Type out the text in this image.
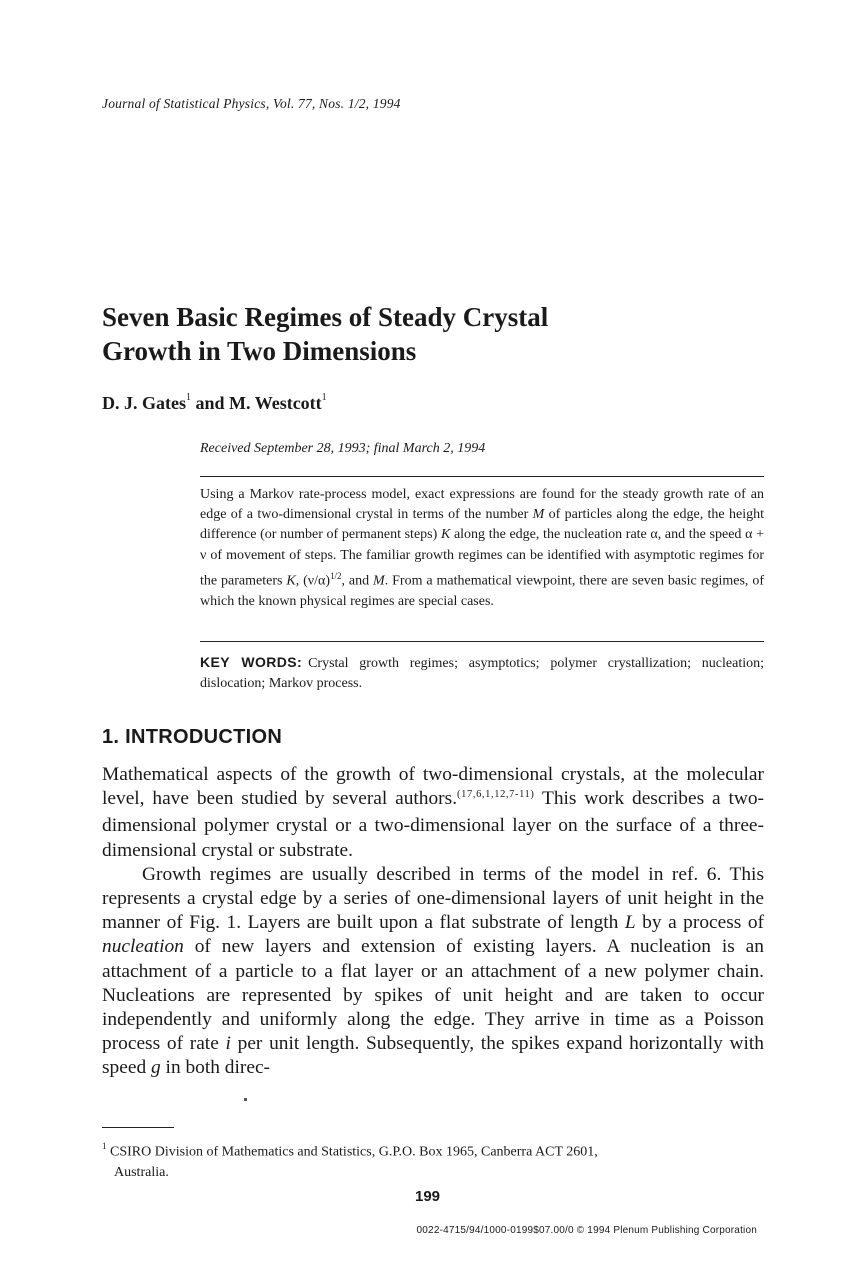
Journal of Statistical Physics, Vol. 77, Nos. 1/2, 1994
Seven Basic Regimes of Steady Crystal
Growth in Two Dimensions
D. J. Gates$^1$ and M. Westcott$^1$
Received September 28, 1993; final March 2, 1994
Using a Markov rate-process model, exact expressions are found for the steady growth rate of an edge of a two-dimensional crystal in terms of the number M of particles along the edge, the height difference (or number of permanent steps) K along the edge, the nucleation rate α, and the speed α + ν of movement of steps. The familiar growth regimes can be identified with asymptotic regimes for the parameters K, $(\nu/\alpha)^{1/2}$, and M. From a mathematical viewpoint, there are seven basic regimes, of which the known physical regimes are special cases.
KEY WORDS: Crystal growth regimes; asymptotics; polymer crystallization; nucleation; dislocation; Markov process.
1. INTRODUCTION

Mathematical aspects of the growth of two-dimensional crystals, at the molecular level, have been studied by several authors.$^{(17,6,1,12,7-11)}$ This work describes a two-dimensional polymer crystal or a two-dimensional layer on the surface of a three-dimensional crystal or substrate.

Growth regimes are usually described in terms of the model in ref. 6. This represents a crystal edge by a series of one-dimensional layers of unit height in the manner of Fig. 1. Layers are built upon a flat substrate of length L by a process of nucleation of new layers and extension of existing layers. A nucleation is an attachment of a particle to a flat layer or an attachment of a new polymer chain. Nucleations are represented by spikes of unit height and are taken to occur independently and uniformly along the edge. They arrive in time as a Poisson process of rate i per unit length. Subsequently, the spikes expand horizontally with speed g in both direc-

$^1$ CSIRO Division of Mathematics and Statistics, G.P.O. Box 1965, Canberra ACT 2601,
Australia.
199
0022-4715/94/1000-0199$07.00/0 © 1994 Plenum Publishing Corporation
